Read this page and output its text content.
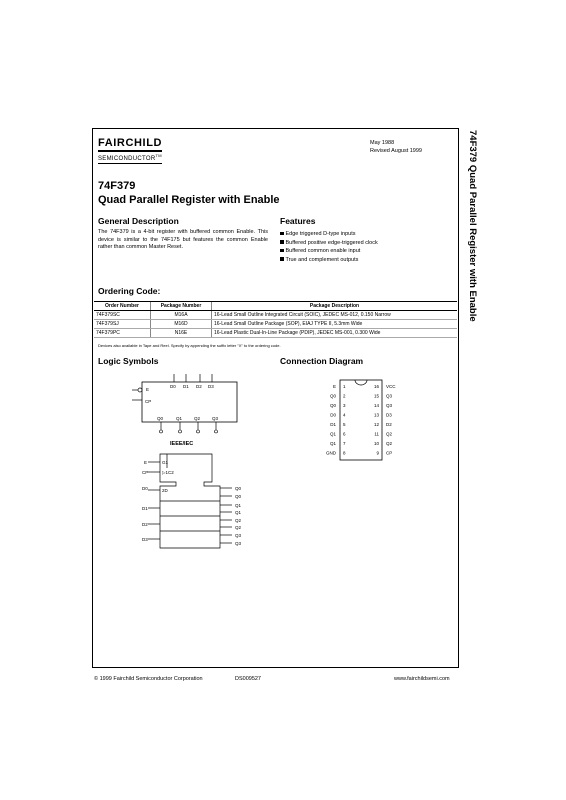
FAIRCHILD
SEMICONDUCTOR™
May 1988
Revised August 1999
74F379
Quad Parallel Register with Enable
General Description
The 74F379 is a 4-bit register with buffered common Enable. This device is similar to the 74F175 but features the common Enable rather than common Master Reset.
Features
Edge triggered D-type inputs
Buffered positive edge-triggered clock
Buffered common enable input
True and complement outputs
Ordering Code:
Order Number	Package Number	Package Description
74F379SC	M16A	16-Lead Small Outline Integrated Circuit (SOIC), JEDEC MS-012, 0.150 Narrow
74F379SJ	M16D	16-Lead Small Outline Package (SOP), EIAJ TYPE II, 5.3mm Wide
74F379PC	N16E	16-Lead Plastic Dual-In-Line Package (PDIP), JEDEC MS-001, 0.300 Wide
Devices also available in Tape and Reel. Specify by appending the suffix letter "X" to the ordering code.
Logic Symbols	Connection Diagram
E
CP
D0 D1 D2 D3
Q0	Q1	Q2	Q3
IEEE/IEC
E
CP
G1
▷1C2
D0	2D
D1
D2
D3
Q0
Q0
Q1
Q1
Q2
Q2
Q3
Q3
E 1
Q0 2
Q0 3
D0 4
D1 5
Q1 6
Q1 7
GND 8
16 VCC
15 Q3
14 Q3
13 D3
12 D2
11 Q2
10 Q2
9 CP
74F379 Quad Parallel Register with Enable
© 1999 Fairchild Semiconductor Corporation	DS009527	www.fairchildsemi.com
